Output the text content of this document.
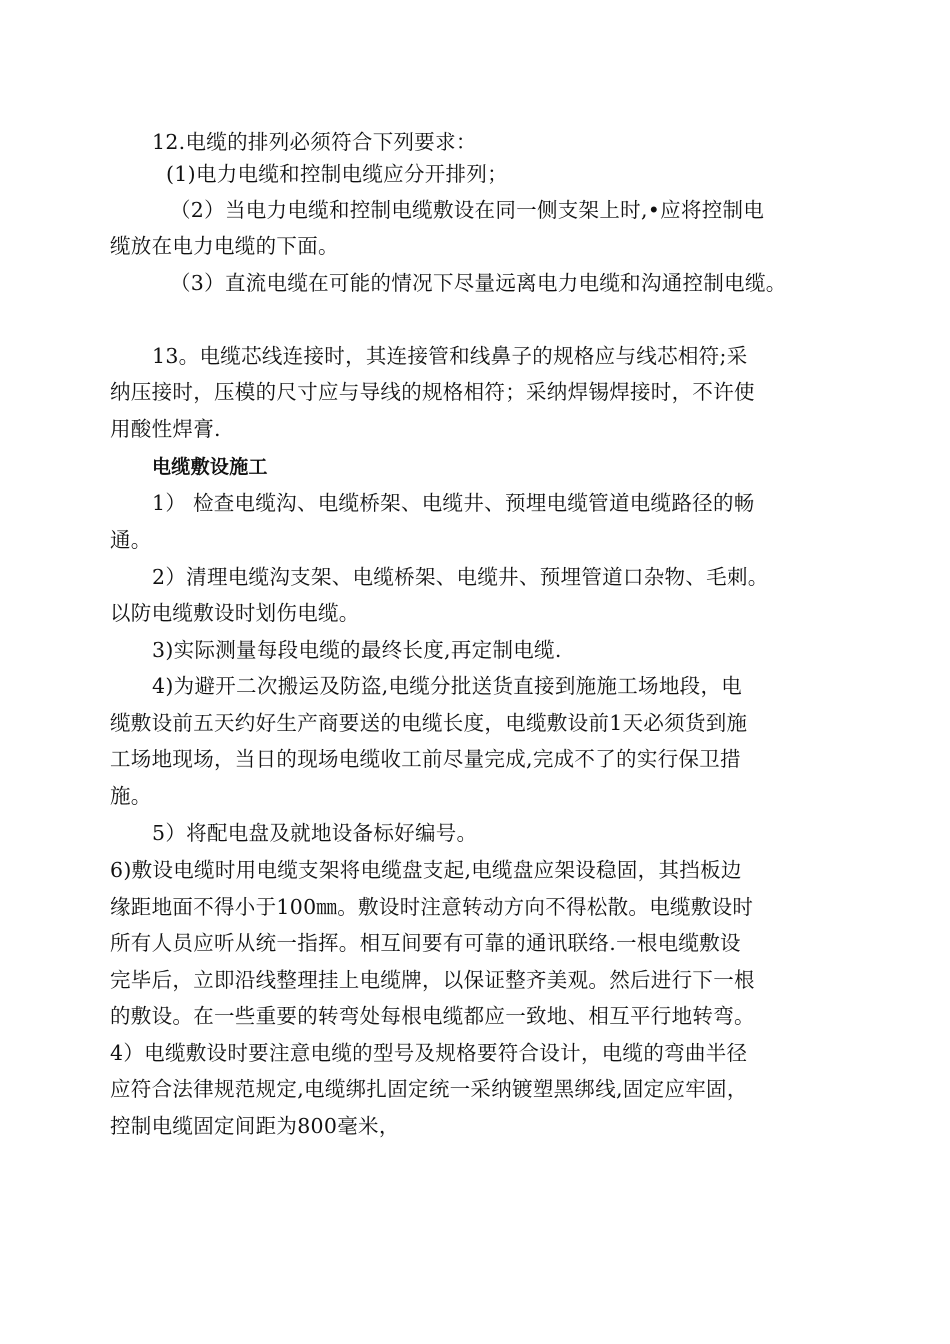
12.电缆的排列必须符合下列要求：
(1)电力电缆和控制电缆应分开排列；
（2）当电力电缆和控制电缆敷设在同一侧支架上时,•应将控制电
缆放在电力电缆的下面。
（3）直流电缆在可能的情况下尽量远离电力电缆和沟通控制电缆。
13。电缆芯线连接时，其连接管和线鼻子的规格应与线芯相符;采
纳压接时，压模的尺寸应与导线的规格相符；采纳焊锡焊接时，不许使
用酸性焊膏.
电缆敷设施工
1） 检查电缆沟、电缆桥架、电缆井、预埋电缆管道电缆路径的畅
通。
2）清理电缆沟支架、电缆桥架、电缆井、预埋管道口杂物、毛刺。
以防电缆敷设时划伤电缆。
3)实际测量每段电缆的最终长度,再定制电缆.
4)为避开二次搬运及防盗,电缆分批送货直接到施施工场地段，电
缆敷设前五天约好生产商要送的电缆长度，电缆敷设前1天必须货到施
工场地现场，当日的现场电缆收工前尽量完成,完成不了的实行保卫措
施。
5）将配电盘及就地设备标好编号。
6)敷设电缆时用电缆支架将电缆盘支起,电缆盘应架设稳固，其挡板边
缘距地面不得小于100㎜。敷设时注意转动方向不得松散。电缆敷设时
所有人员应听从统一指挥。相互间要有可靠的通讯联络.一根电缆敷设
完毕后，立即沿线整理挂上电缆牌，以保证整齐美观。然后进行下一根
的敷设。在一些重要的转弯处每根电缆都应一致地、相互平行地转弯。
4）电缆敷设时要注意电缆的型号及规格要符合设计，电缆的弯曲半径
应符合法律规范规定,电缆绑扎固定统一采纳镀塑黑绑线,固定应牢固，
控制电缆固定间距为800毫米，
